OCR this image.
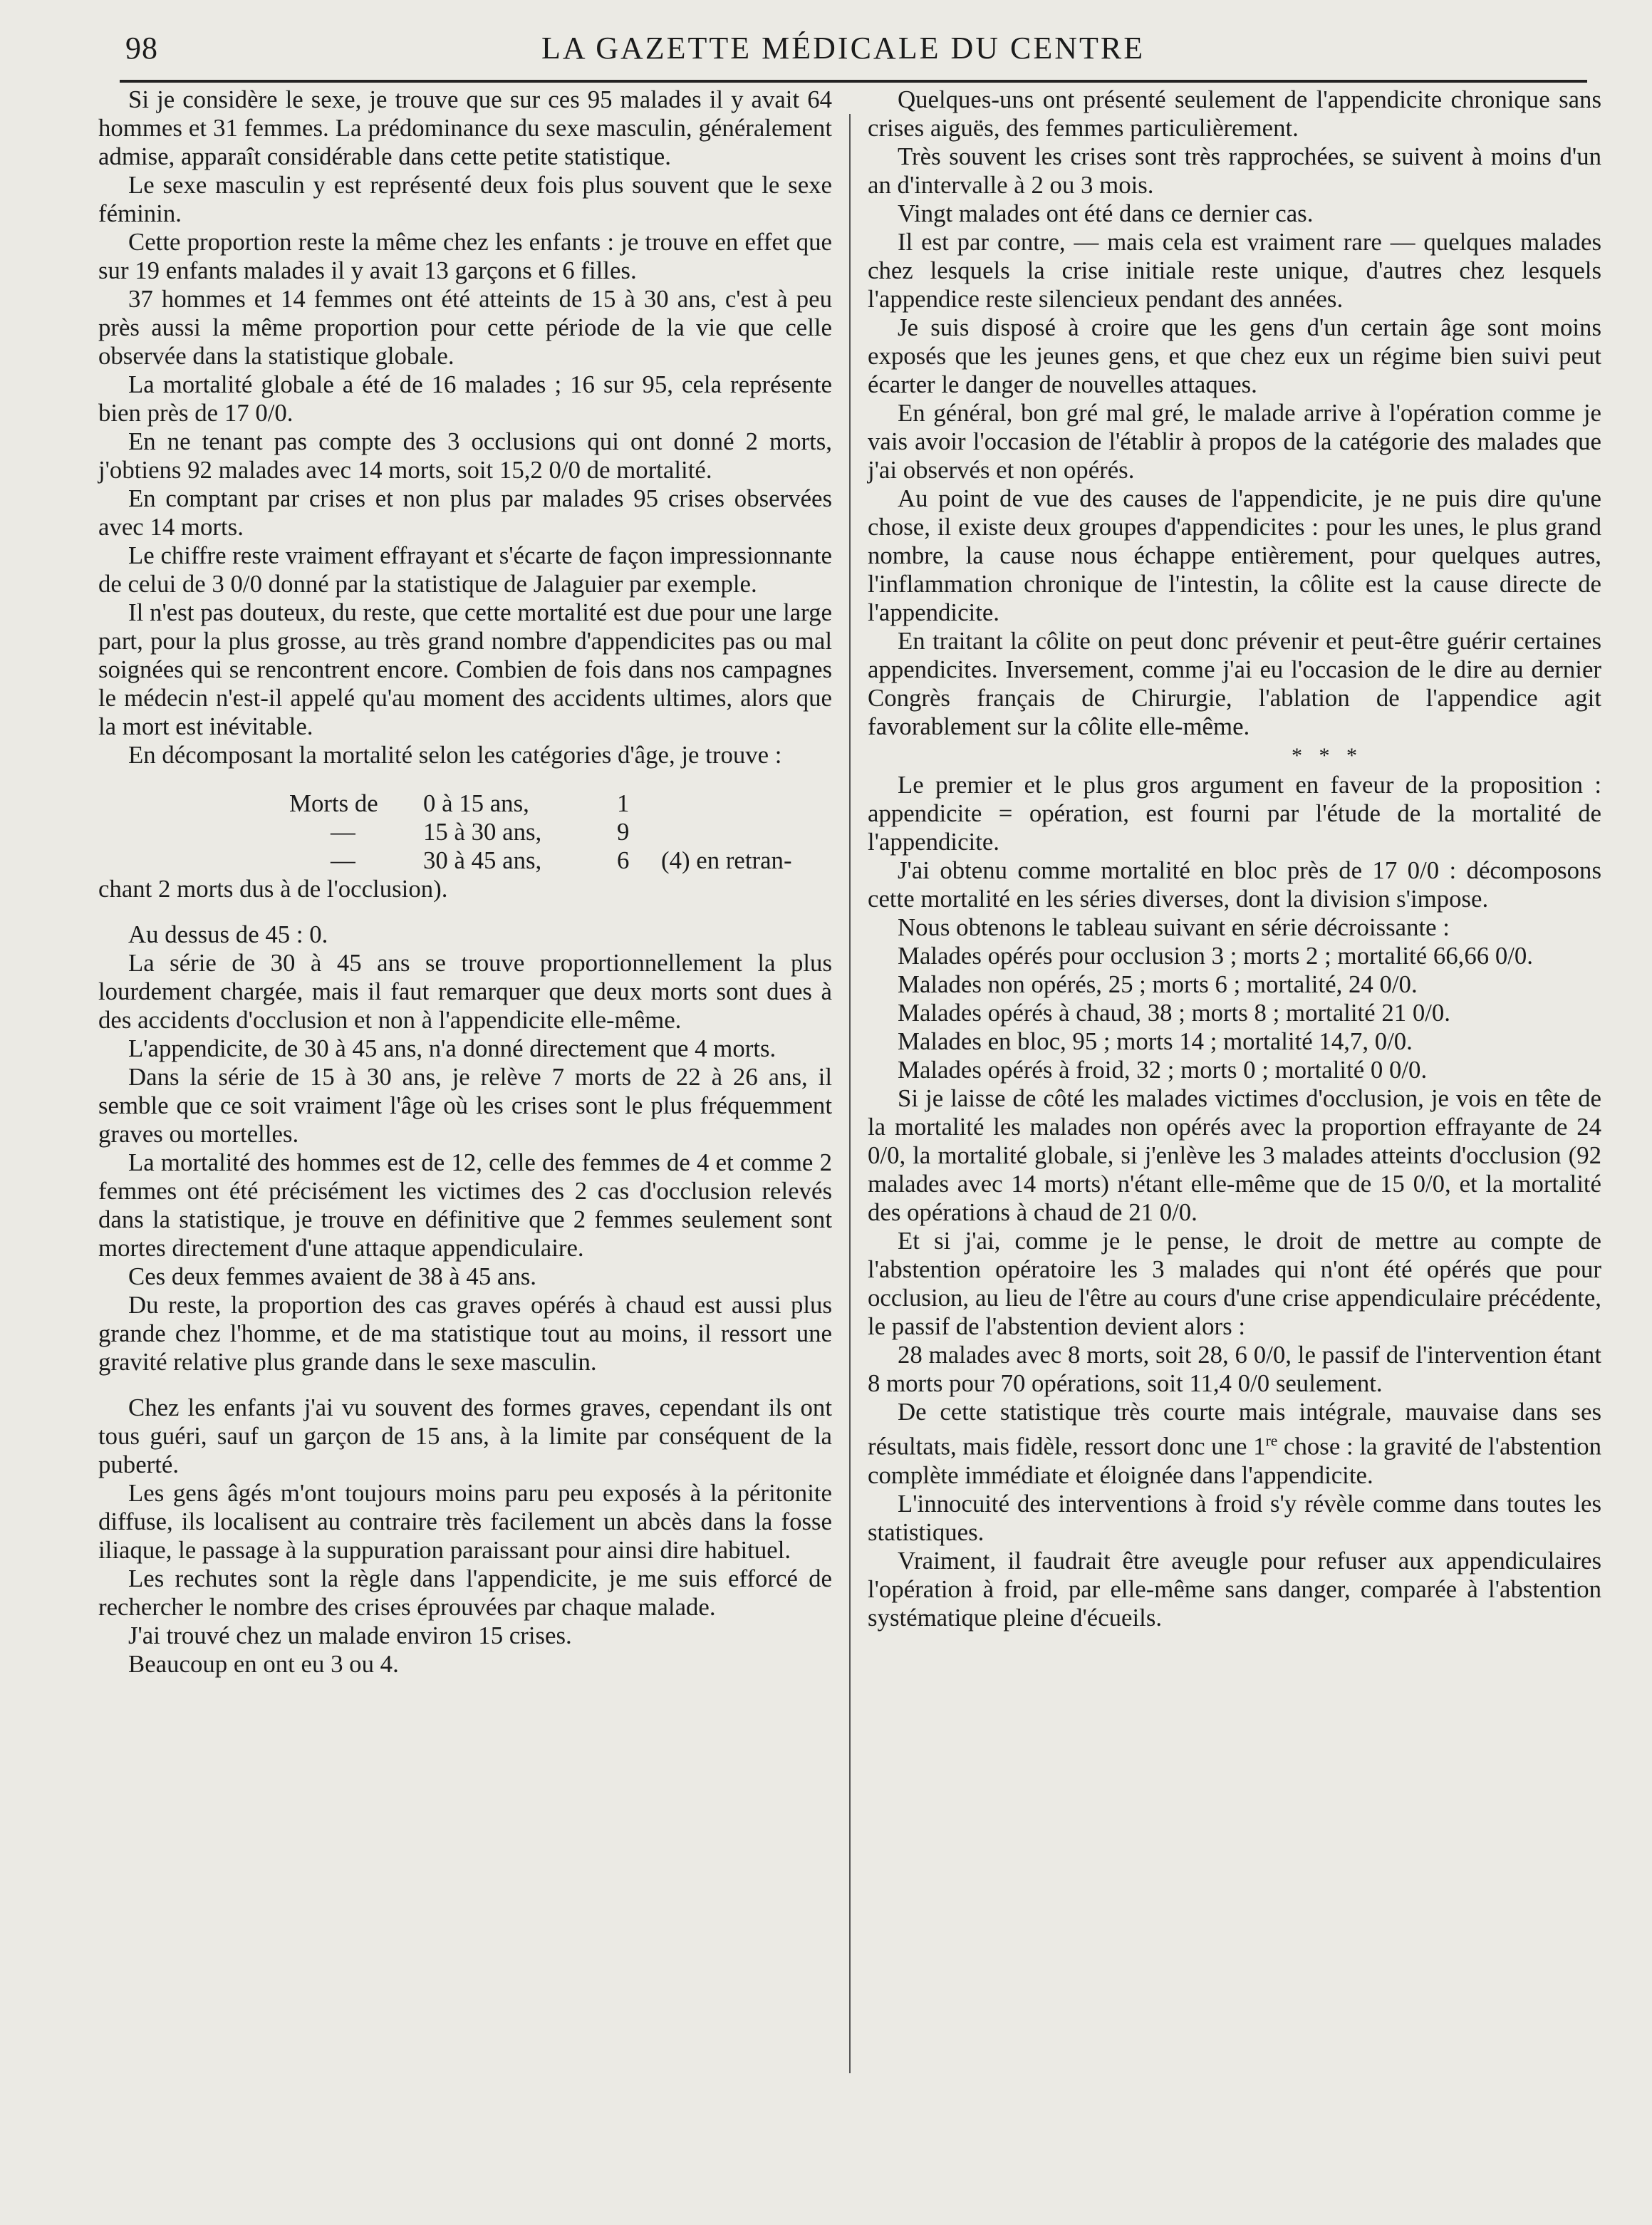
98	LA GAZETTE MÉDICALE DU CENTRE

Si je considère le sexe, je trouve que sur ces 95 malades il y avait 64 hommes et 31 femmes. La prédominance du sexe masculin, généralement admise, apparaît considérable dans cette petite statistique.

Le sexe masculin y est représenté deux fois plus souvent que le sexe féminin.

Cette proportion reste la même chez les enfants : je trouve en effet que sur 19 enfants malades il y avait 13 garçons et 6 filles.

37 hommes et 14 femmes ont été atteints de 15 à 30 ans, c'est à peu près aussi la même proportion pour cette période de la vie que celle observée dans la statistique globale.

La mortalité globale a été de 16 malades ; 16 sur 95, cela représente bien près de 17 0/0.

En ne tenant pas compte des 3 occlusions qui ont donné 2 morts, j'obtiens 92 malades avec 14 morts, soit 15,2 0/0 de mortalité.

En comptant par crises et non plus par malades 95 crises observées avec 14 morts.

Le chiffre reste vraiment effrayant et s'écarte de façon impressionnante de celui de 3 0/0 donné par la statistique de Jalaguier par exemple.

Il n'est pas douteux, du reste, que cette mortalité est due pour une large part, pour la plus grosse, au très grand nombre d'appendicites pas ou mal soignées qui se rencontrent encore. Combien de fois dans nos campagnes le médecin n'est-il appelé qu'au moment des accidents ultimes, alors que la mort est inévitable.

En décomposant la mortalité selon les catégories d'âge, je trouve :

Morts de 0 à 15 ans,	1
—	15 à 30 ans,	9
—	30 à 45 ans,	6 (4) en retran-

chant 2 morts dus à de l'occlusion).

Au dessus de 45 : 0.

La série de 30 à 45 ans se trouve proportionnellement la plus lourdement chargée, mais il faut remarquer que deux morts sont dues à des accidents d'occlusion et non à l'appendicite elle-même.

L'appendicite, de 30 à 45 ans, n'a donné directement que 4 morts.

Dans la série de 15 à 30 ans, je relève 7 morts de 22 à 26 ans, il semble que ce soit vraiment l'âge où les crises sont le plus fréquemment graves ou mortelles.

La mortalité des hommes est de 12, celle des femmes de 4 et comme 2 femmes ont été précisément les victimes des 2 cas d'occlusion relevés dans la statistique, je trouve en définitive que 2 femmes seulement sont mortes directement d'une attaque appendiculaire.

Ces deux femmes avaient de 38 à 45 ans.

Du reste, la proportion des cas graves opérés à chaud est aussi plus grande chez l'homme, et de ma statistique tout au moins, il ressort une gravité relative plus grande dans le sexe masculin.

Chez les enfants j'ai vu souvent des formes graves, cependant ils ont tous guéri, sauf un garçon de 15 ans, à la limite par conséquent de la puberté.

Les gens âgés m'ont toujours moins paru peu exposés à la péritonite diffuse, ils localisent au contraire très facilement un abcès dans la fosse iliaque, le passage à la suppuration paraissant pour ainsi dire habituel.

Les rechutes sont la règle dans l'appendicite, je me suis efforcé de rechercher le nombre des crises éprouvées par chaque malade.

J'ai trouvé chez un malade environ 15 crises.

Beaucoup en ont eu 3 ou 4.

Quelques-uns ont présenté seulement de l'appendicite chronique sans crises aiguës, des femmes particulièrement.

Très souvent les crises sont très rapprochées, se suivent à moins d'un an d'intervalle à 2 ou 3 mois.

Vingt malades ont été dans ce dernier cas.

Il est par contre, — mais cela est vraiment rare — quelques malades chez lesquels la crise initiale reste unique, d'autres chez lesquels l'appendice reste silencieux pendant des années.

Je suis disposé à croire que les gens d'un certain âge sont moins exposés que les jeunes gens, et que chez eux un régime bien suivi peut écarter le danger de nouvelles attaques.

En général, bon gré mal gré, le malade arrive à l'opération comme je vais avoir l'occasion de l'établir à propos de la catégorie des malades que j'ai observés et non opérés.

Au point de vue des causes de l'appendicite, je ne puis dire qu'une chose, il existe deux groupes d'appendicites : pour les unes, le plus grand nombre, la cause nous échappe entièrement, pour quelques autres, l'inflammation chronique de l'intestin, la côlite est la cause directe de l'appendicite.

En traitant la côlite on peut donc prévenir et peut-être guérir certaines appendicites. Inversement, comme j'ai eu l'occasion de le dire au dernier Congrès français de Chirurgie, l'ablation de l'appendice agit favorablement sur la côlite elle-même.

* * *

Le premier et le plus gros argument en faveur de la proposition : appendicite = opération, est fourni par l'étude de la mortalité de l'appendicite.

J'ai obtenu comme mortalité en bloc près de 17 0/0 : décomposons cette mortalité en les séries diverses, dont la division s'impose.

Nous obtenons le tableau suivant en série décroissante :

Malades opérés pour occlusion 3 ; morts 2 ; mortalité 66,66 0/0.

Malades non opérés, 25 ; morts 6 ; mortalité, 24 0/0.

Malades opérés à chaud, 38 ; morts 8 ; mortalité 21 0/0.

Malades en bloc, 95 ; morts 14 ; mortalité 14,7, 0/0.

Malades opérés à froid, 32 ; morts 0 ; mortalité 0 0/0.

Si je laisse de côté les malades victimes d'occlusion, je vois en tête de la mortalité les malades non opérés avec la proportion effrayante de 24 0/0, la mortalité globale, si j'enlève les 3 malades atteints d'occlusion (92 malades avec 14 morts) n'étant elle-même que de 15 0/0, et la mortalité des opérations à chaud de 21 0/0.

Et si j'ai, comme je le pense, le droit de mettre au compte de l'abstention opératoire les 3 malades qui n'ont été opérés que pour occlusion, au lieu de l'être au cours d'une crise appendiculaire précédente, le passif de l'abstention devient alors :

28 malades avec 8 morts, soit 28, 6 0/0, le passif de l'intervention étant 8 morts pour 70 opérations, soit 11,4 0/0 seulement.

De cette statistique très courte mais intégrale, mauvaise dans ses résultats, mais fidèle, ressort donc une 1re chose : la gravité de l'abstention complète immédiate et éloignée dans l'appendicite.

L'innocuité des interventions à froid s'y révèle comme dans toutes les statistiques.

Vraiment, il faudrait être aveugle pour refuser aux appendiculaires l'opération à froid, par elle-même sans danger, comparée à l'abstention systématique pleine d'écueils.
